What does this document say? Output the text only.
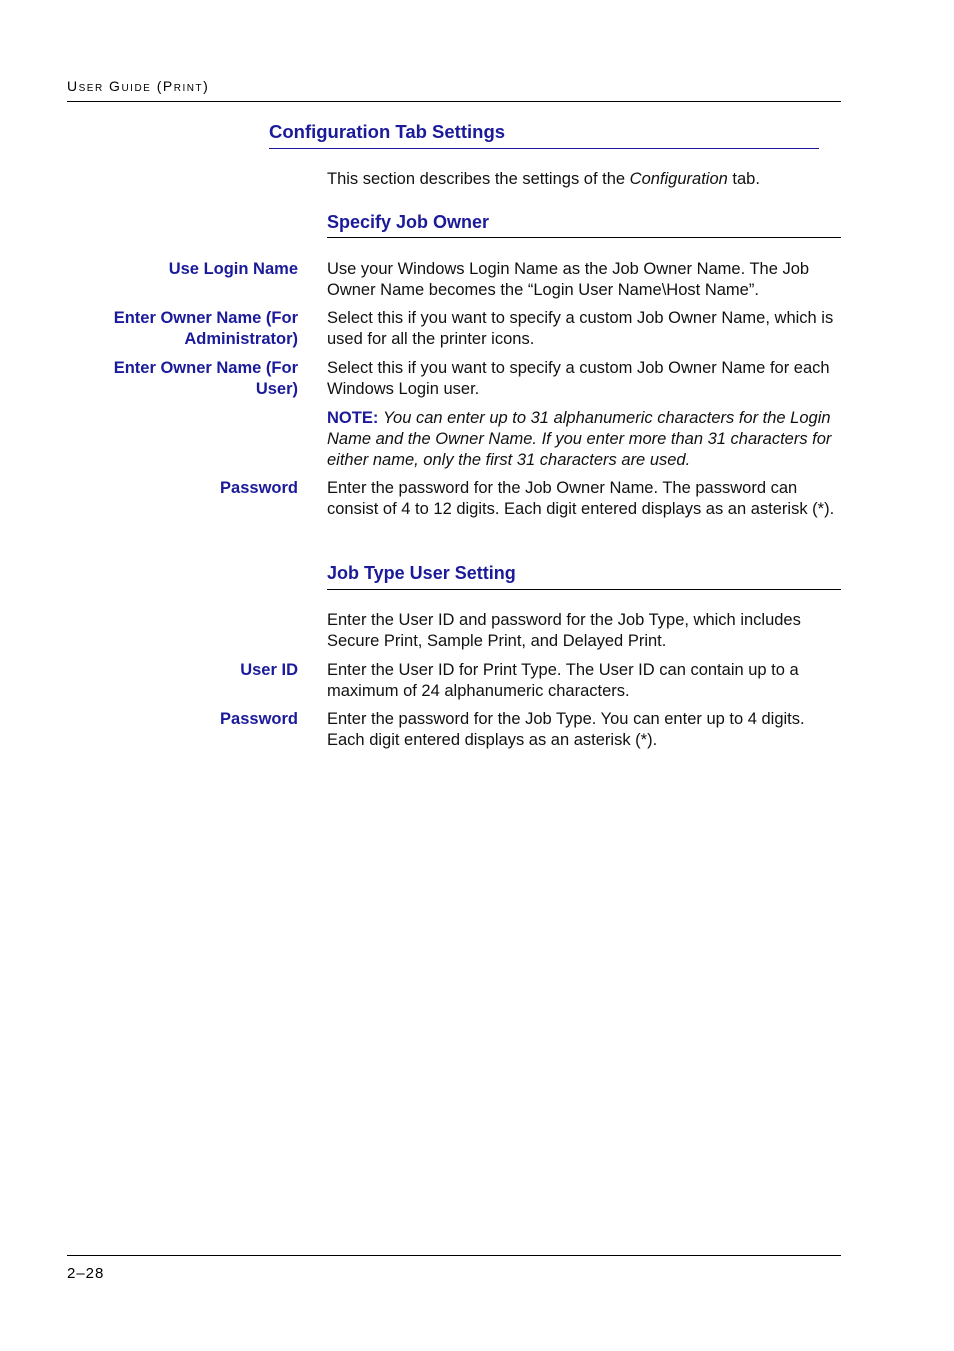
User Guide (Print)
Configuration Tab Settings
This section describes the settings of the Configuration tab.
Specify Job Owner
Use Login Name Use your Windows Login Name as the Job Owner Name. The Job Owner Name becomes the “Login User Name\Host Name”.
Enter Owner Name (For Administrator)
Select this if you want to specify a custom Job Owner Name, which is used for all the printer icons.
Enter Owner Name (For User)
Select this if you want to specify a custom Job Owner Name for each Windows Login user.
NOTE: You can enter up to 31 alphanumeric characters for the Login Name and the Owner Name. If you enter more than 31 characters for either name, only the first 31 characters are used.
Password Enter the password for the Job Owner Name. The password can consist of 4 to 12 digits. Each digit entered displays as an asterisk (*).
Job Type User Setting
Enter the User ID and password for the Job Type, which includes Secure Print, Sample Print, and Delayed Print.
User ID Enter the User ID for Print Type. The User ID can contain up to a maximum of 24 alphanumeric characters.
Password Enter the password for the Job Type. You can enter up to 4 digits. Each digit entered displays as an asterisk (*).
2–28
